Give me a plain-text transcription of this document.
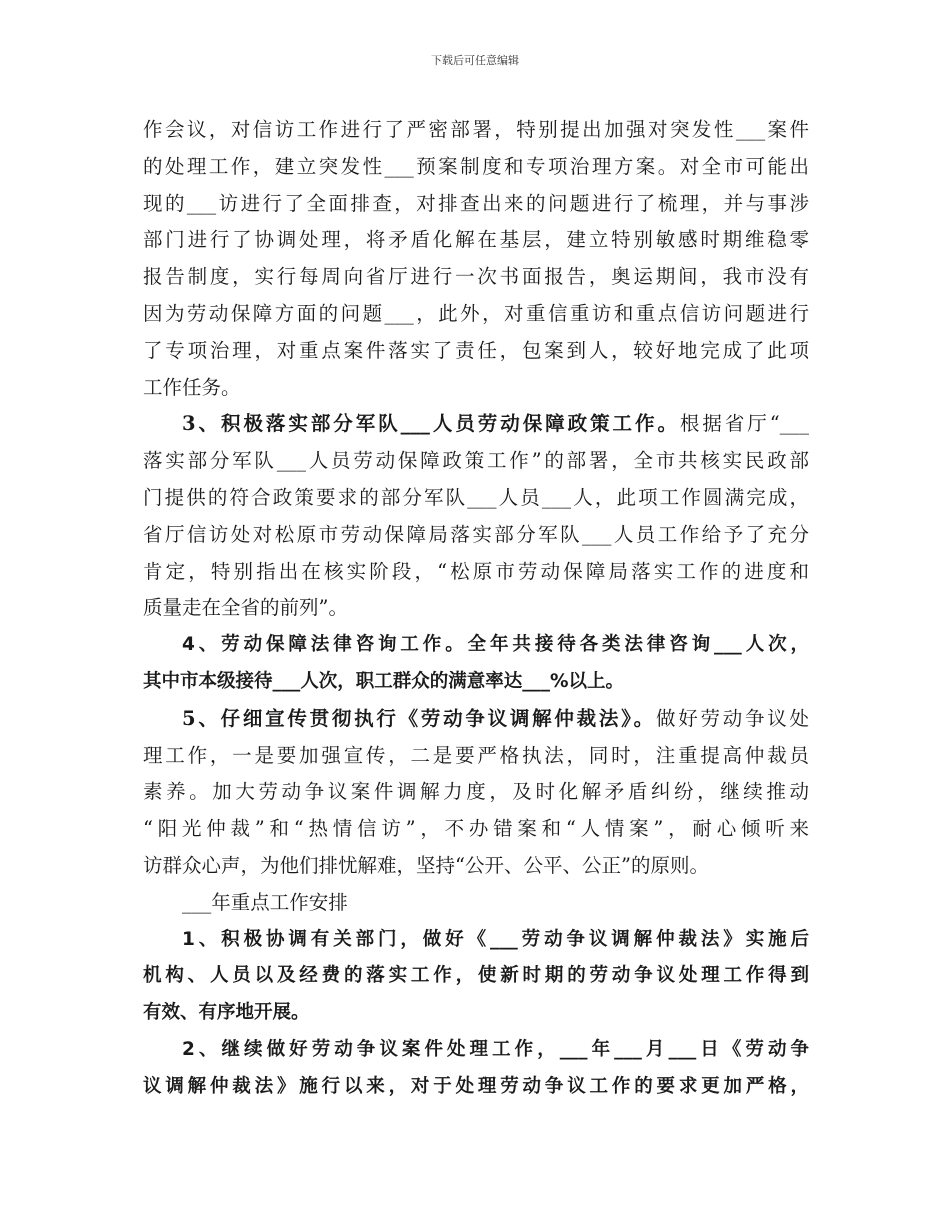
下载后可任意编辑
作会议，对信访工作进行了严密部署，特别提出加强对突发性___案件
的处理工作，建立突发性___预案制度和专项治理方案。对全市可能出
现的___访进行了全面排查，对排查出来的问题进行了梳理，并与事涉
部门进行了协调处理，将矛盾化解在基层，建立特别敏感时期维稳零
报告制度，实行每周向省厅进行一次书面报告，奥运期间，我市没有
因为劳动保障方面的问题___，此外，对重信重访和重点信访问题进行
了专项治理，对重点案件落实了责任，包案到人，较好地完成了此项
工作任务。
3、积极落实部分军队___人员劳动保障政策工作。根据省厅“___
落实部分军队___人员劳动保障政策工作”的部署，全市共核实民政部
门提供的符合政策要求的部分军队___人员___人，此项工作圆满完成，
省厅信访处对松原市劳动保障局落实部分军队___人员工作给予了充分
肯定，特别指出在核实阶段，“松原市劳动保障局落实工作的进度和
质量走在全省的前列”。
4、劳动保障法律咨询工作。全年共接待各类法律咨询___人次，
其中市本级接待___人次，职工群众的满意率达___%以上。
5、仔细宣传贯彻执行《劳动争议调解仲裁法》。做好劳动争议处
理工作，一是要加强宣传，二是要严格执法，同时，注重提高仲裁员
素养。加大劳动争议案件调解力度，及时化解矛盾纠纷，继续推动
“阳光仲裁”和“热情信访”，不办错案和“人情案”，耐心倾听来
访群众心声，为他们排忧解难，坚持“公开、公平、公正”的原则。
___年重点工作安排
1、积极协调有关部门，做好《___劳动争议调解仲裁法》实施后
机构、人员以及经费的落实工作，使新时期的劳动争议处理工作得到
有效、有序地开展。
2、继续做好劳动争议案件处理工作，___年___月___日《劳动争
议调解仲裁法》施行以来，对于处理劳动争议工作的要求更加严格，
